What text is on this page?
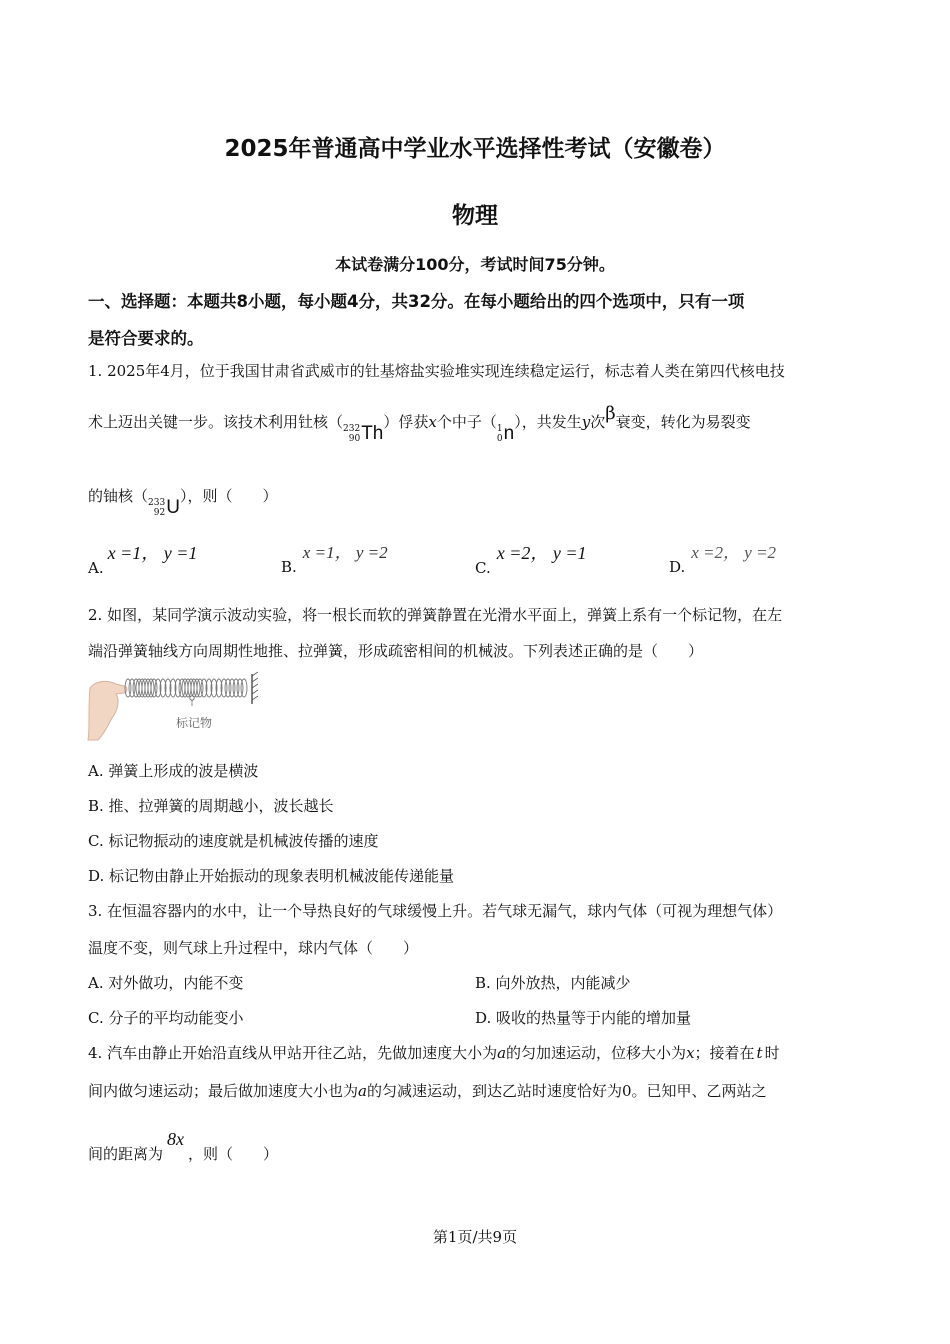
2025年普通高中学业水平选择性考试（安徽卷）
物理
本试卷满分100分，考试时间75分钟。
一、选择题：本题共8小题，每小题4分，共32分。在每小题给出的四个选项中，只有一项
是符合要求的。
1. 2025年4月，位于我国甘肃省武威市的钍基熔盐实验堆实现连续稳定运行，标志着人类在第四代核电技
术上迈出关键一步。该技术利用钍核（ 232
90 Th
）俘获x个中子（ 1
0 n
），共发生y次β衰变，转化为易裂变
的铀核（ 233
92 U
），则（　　）
A.x =1， y =1
B.x =1， y =2
C.x =2， y =1
D.x =2， y =2
2. 如图，某同学演示波动实验，将一根长而软的弹簧静置在光滑水平面上，弹簧上系有一个标记物，在左
端沿弹簧轴线方向周期性地推、拉弹簧，形成疏密相间的机械波。下列表述正确的是（　　）
标记物
A. 弹簧上形成的波是横波
B. 推、拉弹簧的周期越小，波长越长
C. 标记物振动的速度就是机械波传播的速度
D. 标记物由静止开始振动的现象表明机械波能传递能量
3. 在恒温容器内的水中，让一个导热良好的气球缓慢上升。若气球无漏气，球内气体（可视为理想气体）
温度不变，则气球上升过程中，球内气体（　　）
A. 对外做功，内能不变	B. 向外放热，内能减少
C. 分子的平均动能变小	D. 吸收的热量等于内能的增加量
4. 汽车由静止开始沿直线从甲站开往乙站，先做加速度大小为a的匀加速运动，位移大小为x；接着在 t 时
间内做匀速运动；最后做加速度大小也为a的匀减速运动，到达乙站时速度恰好为0。已知甲、乙两站之
间的距离为8x，则（　　）
第1页/共9页
